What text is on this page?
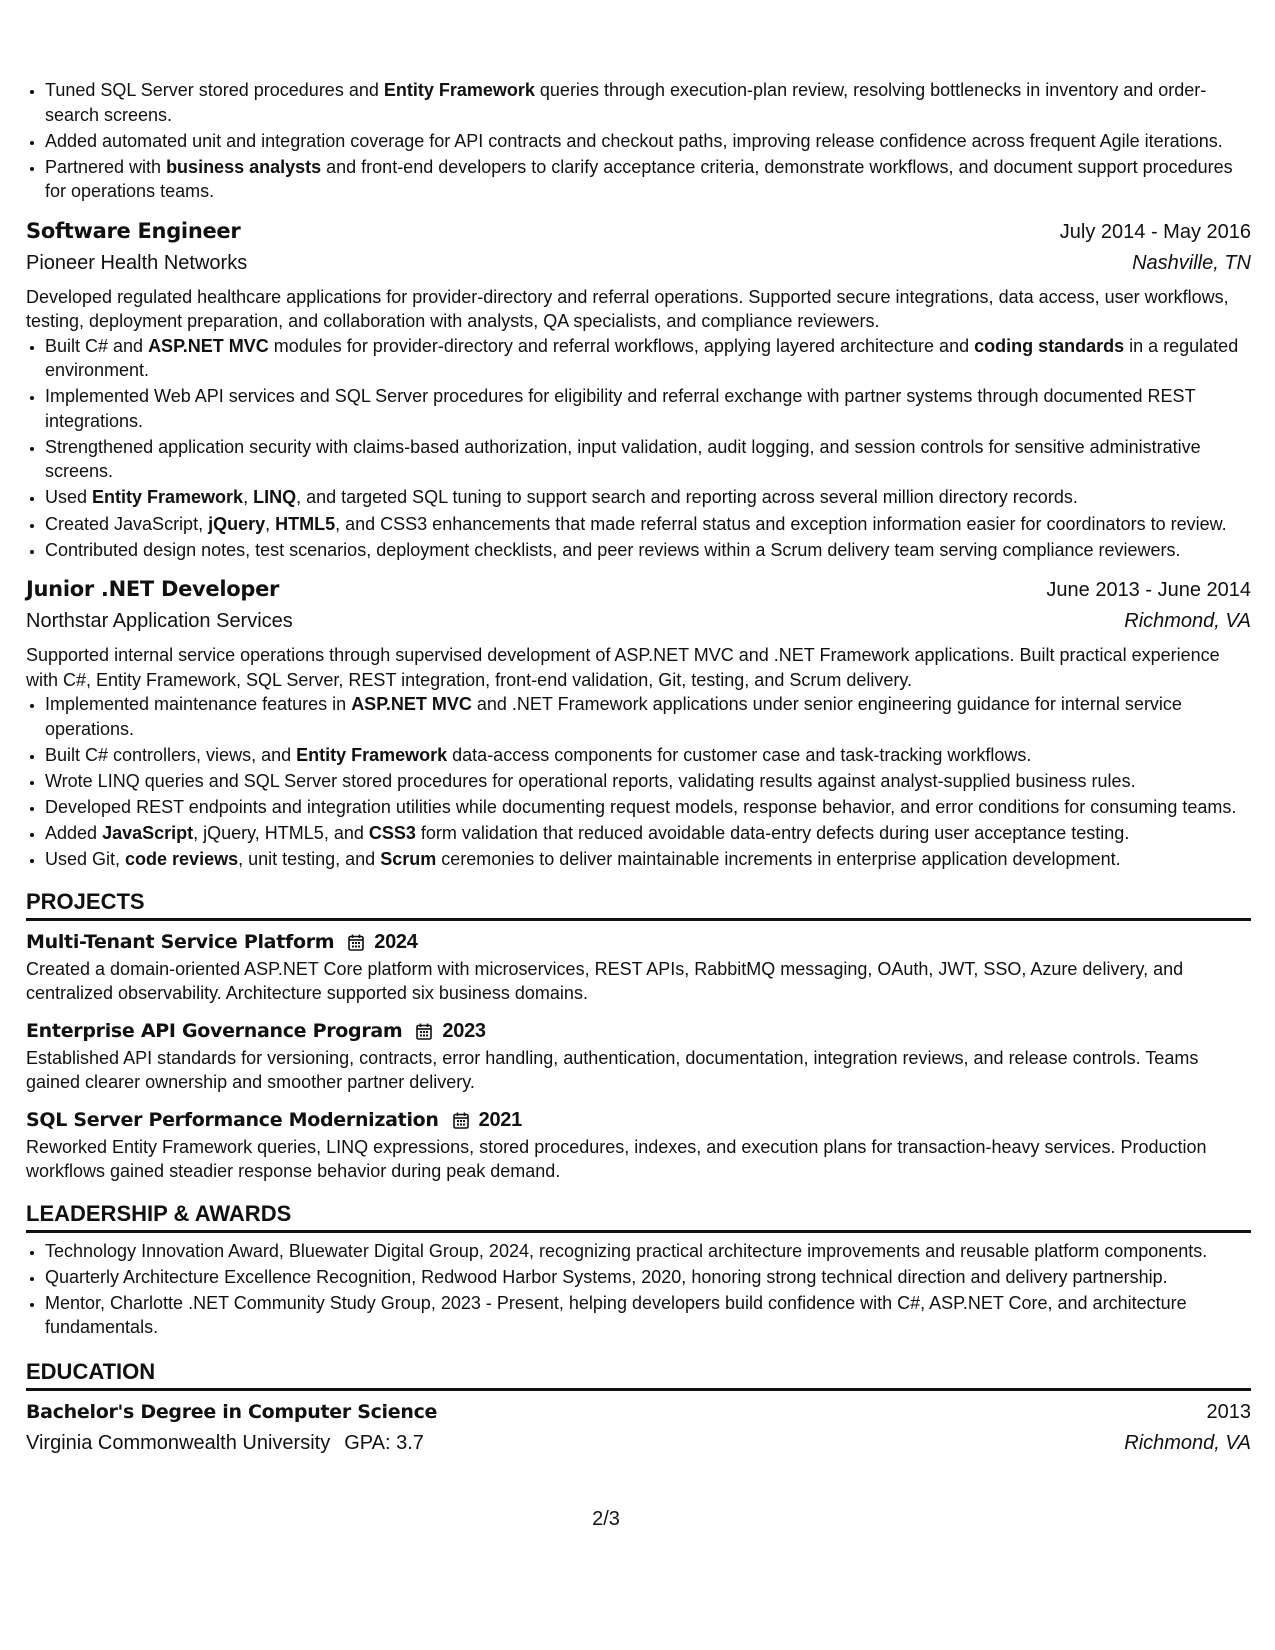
• Tuned SQL Server stored procedures and Entity Framework queries through execution-plan review, resolving bottlenecks in inventory and order-search screens.
• Added automated unit and integration coverage for API contracts and checkout paths, improving release confidence across frequent Agile iterations.
• Partnered with business analysts and front-end developers to clarify acceptance criteria, demonstrate workflows, and document support procedures for operations teams.
Software Engineer	July 2014 - May 2016
Pioneer Health Networks	Nashville, TN
Developed regulated healthcare applications for provider-directory and referral operations. Supported secure integrations, data access, user workflows, testing, deployment preparation, and collaboration with analysts, QA specialists, and compliance reviewers.
• Built C# and ASP.NET MVC modules for provider-directory and referral workflows, applying layered architecture and coding standards in a regulated environment.
• Implemented Web API services and SQL Server procedures for eligibility and referral exchange with partner systems through documented REST integrations.
• Strengthened application security with claims-based authorization, input validation, audit logging, and session controls for sensitive administrative screens.
• Used Entity Framework, LINQ, and targeted SQL tuning to support search and reporting across several million directory records.
• Created JavaScript, jQuery, HTML5, and CSS3 enhancements that made referral status and exception information easier for coordinators to review.
• Contributed design notes, test scenarios, deployment checklists, and peer reviews within a Scrum delivery team serving compliance reviewers.
Junior .NET Developer	June 2013 - June 2014
Northstar Application Services	Richmond, VA
Supported internal service operations through supervised development of ASP.NET MVC and .NET Framework applications. Built practical experience with C#, Entity Framework, SQL Server, REST integration, front-end validation, Git, testing, and Scrum delivery.
• Implemented maintenance features in ASP.NET MVC and .NET Framework applications under senior engineering guidance for internal service operations.
• Built C# controllers, views, and Entity Framework data-access components for customer case and task-tracking workflows.
• Wrote LINQ queries and SQL Server stored procedures for operational reports, validating results against analyst-supplied business rules.
• Developed REST endpoints and integration utilities while documenting request models, response behavior, and error conditions for consuming teams.
• Added JavaScript, jQuery, HTML5, and CSS3 form validation that reduced avoidable data-entry defects during user acceptance testing.
• Used Git, code reviews, unit testing, and Scrum ceremonies to deliver maintainable increments in enterprise application development.
PROJECTS
Multi-Tenant Service Platform 2024
Created a domain-oriented ASP.NET Core platform with microservices, REST APIs, RabbitMQ messaging, OAuth, JWT, SSO, Azure delivery, and centralized observability. Architecture supported six business domains.
Enterprise API Governance Program 2023
Established API standards for versioning, contracts, error handling, authentication, documentation, integration reviews, and release controls. Teams gained clearer ownership and smoother partner delivery.
SQL Server Performance Modernization 2021
Reworked Entity Framework queries, LINQ expressions, stored procedures, indexes, and execution plans for transaction-heavy services. Production workflows gained steadier response behavior during peak demand.
LEADERSHIP & AWARDS
• Technology Innovation Award, Bluewater Digital Group, 2024, recognizing practical architecture improvements and reusable platform components.
• Quarterly Architecture Excellence Recognition, Redwood Harbor Systems, 2020, honoring strong technical direction and delivery partnership.
• Mentor, Charlotte .NET Community Study Group, 2023 - Present, helping developers build confidence with C#, ASP.NET Core, and architecture fundamentals.
EDUCATION
Bachelor's Degree in Computer Science	2013
Virginia Commonwealth University GPA: 3.7	Richmond, VA
2/3
